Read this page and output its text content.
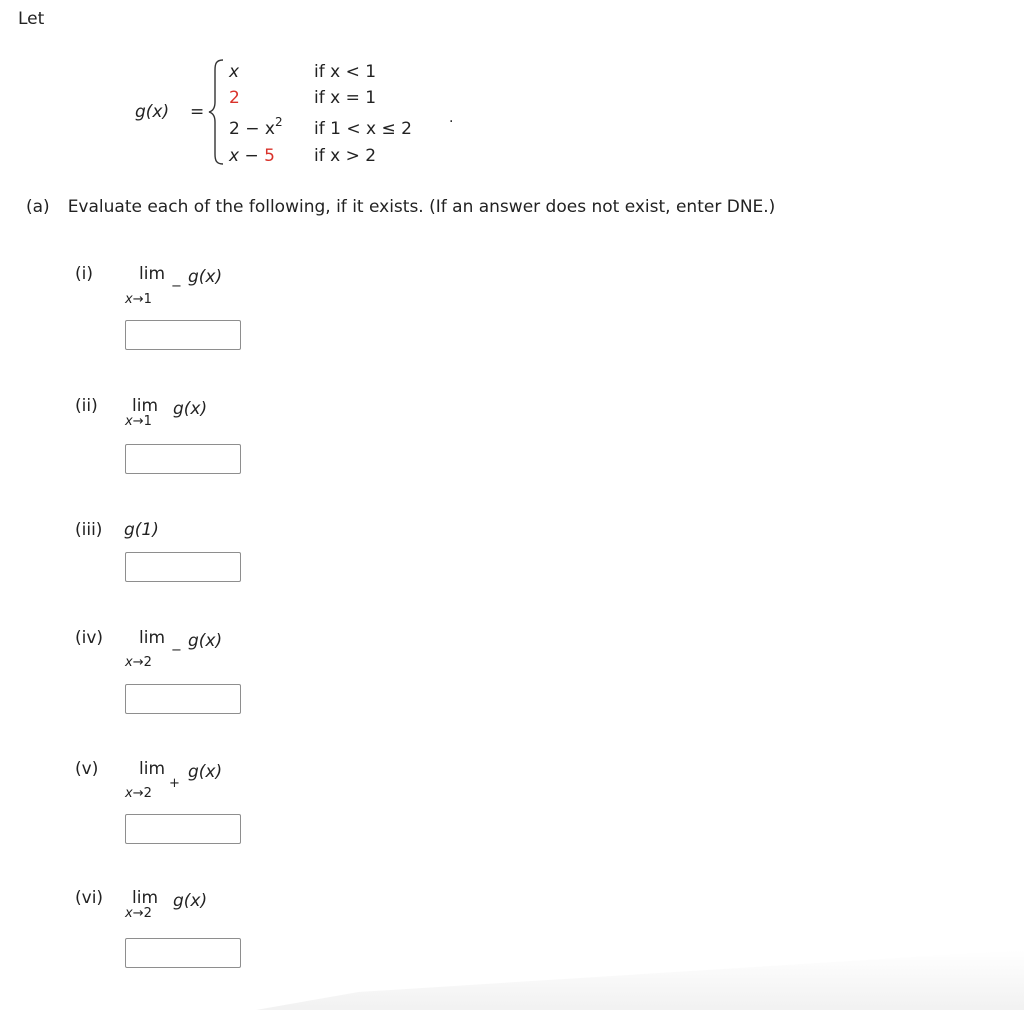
Let
g(x) =
x	if x < 1
2	if x = 1
$2 - x^2$ if 1 < x ≤ 2
.
x − 5 if x > 2
(a) Evaluate each of the following, if it exists. (If an answer does not exist, enter DNE.)
(i)	lim g(x)
x→1
−
(ii) lim g(x)
x→1
(iii) g(1)
(iv) lim g(x)
x→2
−
(v) lim g(x)
x→2
+
(vi) lim g(x)
x→2
